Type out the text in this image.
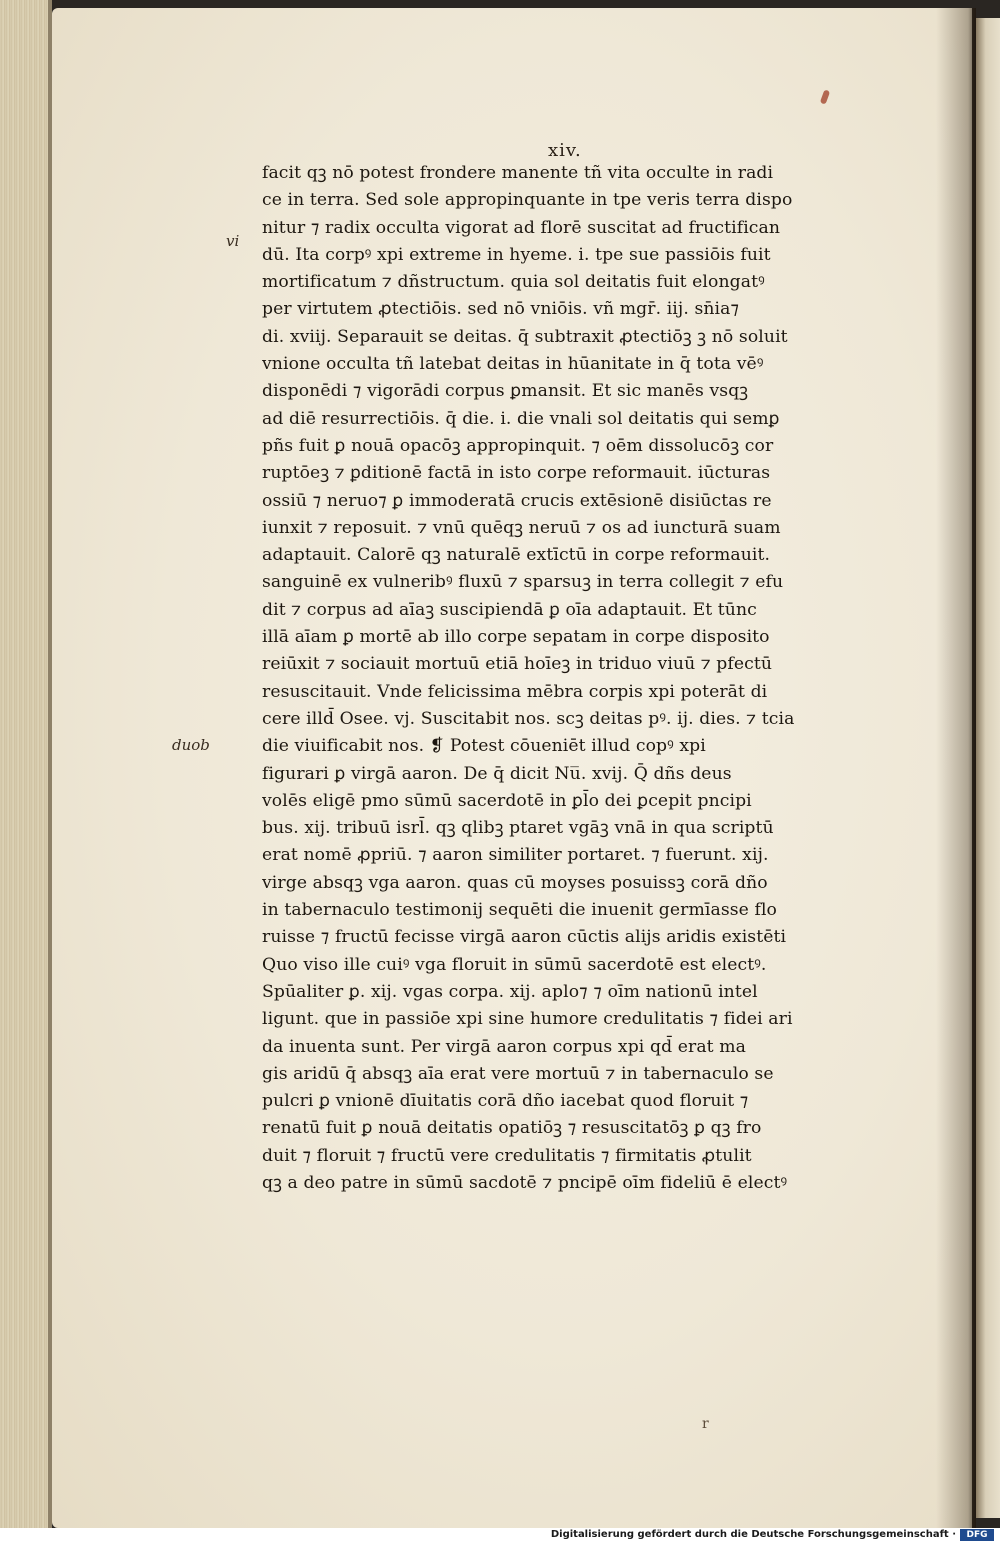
xiv.
vi
duob
facit qꝫ nō potest frondere manente tñ vita occulte in radi
ce in terra. Sed sole appropinquante in tpe veris terra dispo
nitur ⁊ radix occulta vigorat ad florē suscitat ad fructifican
dū. Ita corpꝰ xpi extreme in hyeme. i. tpe sue passiōis fuit
mortificatum ⁊ dñstructum. quia sol deitatis fuit elongatꝰ
per virtutem ꝓtectiōis. sed nō vniōis. vñ mgr̄. iij. sn̄ia⁊
di. xviij. Separauit se deitas. q̄ subtraxit ꝓtectiōꝫ ꝫ nō soluit
vnione occulta tñ latebat deitas in hūanitate in q̄ tota vēꝰ
disponēdi ⁊ vigorādi corpus ꝑmansit. Et sic manēs vsqꝫ
ad diē resurrectiōis. q̄ die. i. die vnali sol deitatis qui semꝑ
pñs fuit ꝑ nouā opacōꝫ appropinquit. ⁊ oēm dissolucōꝫ cor
ruptōeꝫ ⁊ ꝑditionē factā in isto corpe reformauit. iūcturas
ossiū ⁊ neruo⁊ ꝑ immoderatā crucis extēsionē disiūctas re
iunxit ⁊ reposuit. ⁊ vnū quēqꝫ neruū ⁊ os ad iuncturā suam
adaptauit. Calorē qꝫ naturalē extīctū in corpe reformauit.
sanguinē ex vulneribꝰ fluxū ⁊ sparsuꝫ in terra collegit ⁊ efu
dit ⁊ corpus ad aīaꝫ suscipiendā ꝑ oīa adaptauit. Et tūnc
illā aīam ꝑ mortē ab illo corpe sepatam in corpe disposito
reiūxit ⁊ sociauit mortuū etiā hoīeꝫ in triduo viuū ⁊ pfectū
resuscitauit. Vnde felicissima mēbra corpis xpi poterāt di
cere illd̄ Osee. vj. Suscitabit nos. scꝫ deitas pꝰ. ij. dies. ⁊ tcia
die viuificabit nos. ❡ Potest cōueniēt illud copꝰ xpi
figurari ꝑ virgā aaron. De q̄ dicit Nu̅. xvij. Q̄ dñs deus
volēs eligē pmo sūmū sacerdotē in ꝑl̄o dei ꝑcepit pncipi
bus. xij. tribuū isrl̄. qꝫ qlibꝫ ptaret vgāꝫ vnā in qua scriptū
erat nomē ꝓpriū. ⁊ aaron similiter portaret. ⁊ fuerunt. xij.
virge absqꝫ vga aaron. quas cū moyses posuissꝫ corā dño
in tabernaculo testimonij sequēti die inuenit germīasse flo
ruisse ⁊ fructū fecisse virgā aaron cūctis alijs aridis existēti
Quo viso ille cuiꝰ vga floruit in sūmū sacerdotē est electꝰ.
Spūaliter ꝑ. xij. vgas corpa. xij. aplo⁊ ⁊ oīm nationū intel
ligunt. que in passiōe xpi sine humore credulitatis ⁊ fidei ari
da inuenta sunt. Per virgā aaron corpus xpi qd̄ erat ma
gis aridū q̄ absqꝫ aīa erat vere mortuū ⁊ in tabernaculo se
pulcri ꝑ vnionē dīuitatis corā dño iacebat quod floruit ⁊
renatū fuit ꝑ nouā deitatis opatiōꝫ ⁊ resuscitatōꝫ ꝑ qꝫ fro
duit ⁊ floruit ⁊ fructū vere credulitatis ⁊ firmitatis ꝓtulit
qꝫ a deo patre in sūmū sacdotē ⁊ pncipē oīm fideliū ē electꝰ
r
Digitalisierung gefördert durch die Deutsche Forschungsgemeinschaft ·	DFG
